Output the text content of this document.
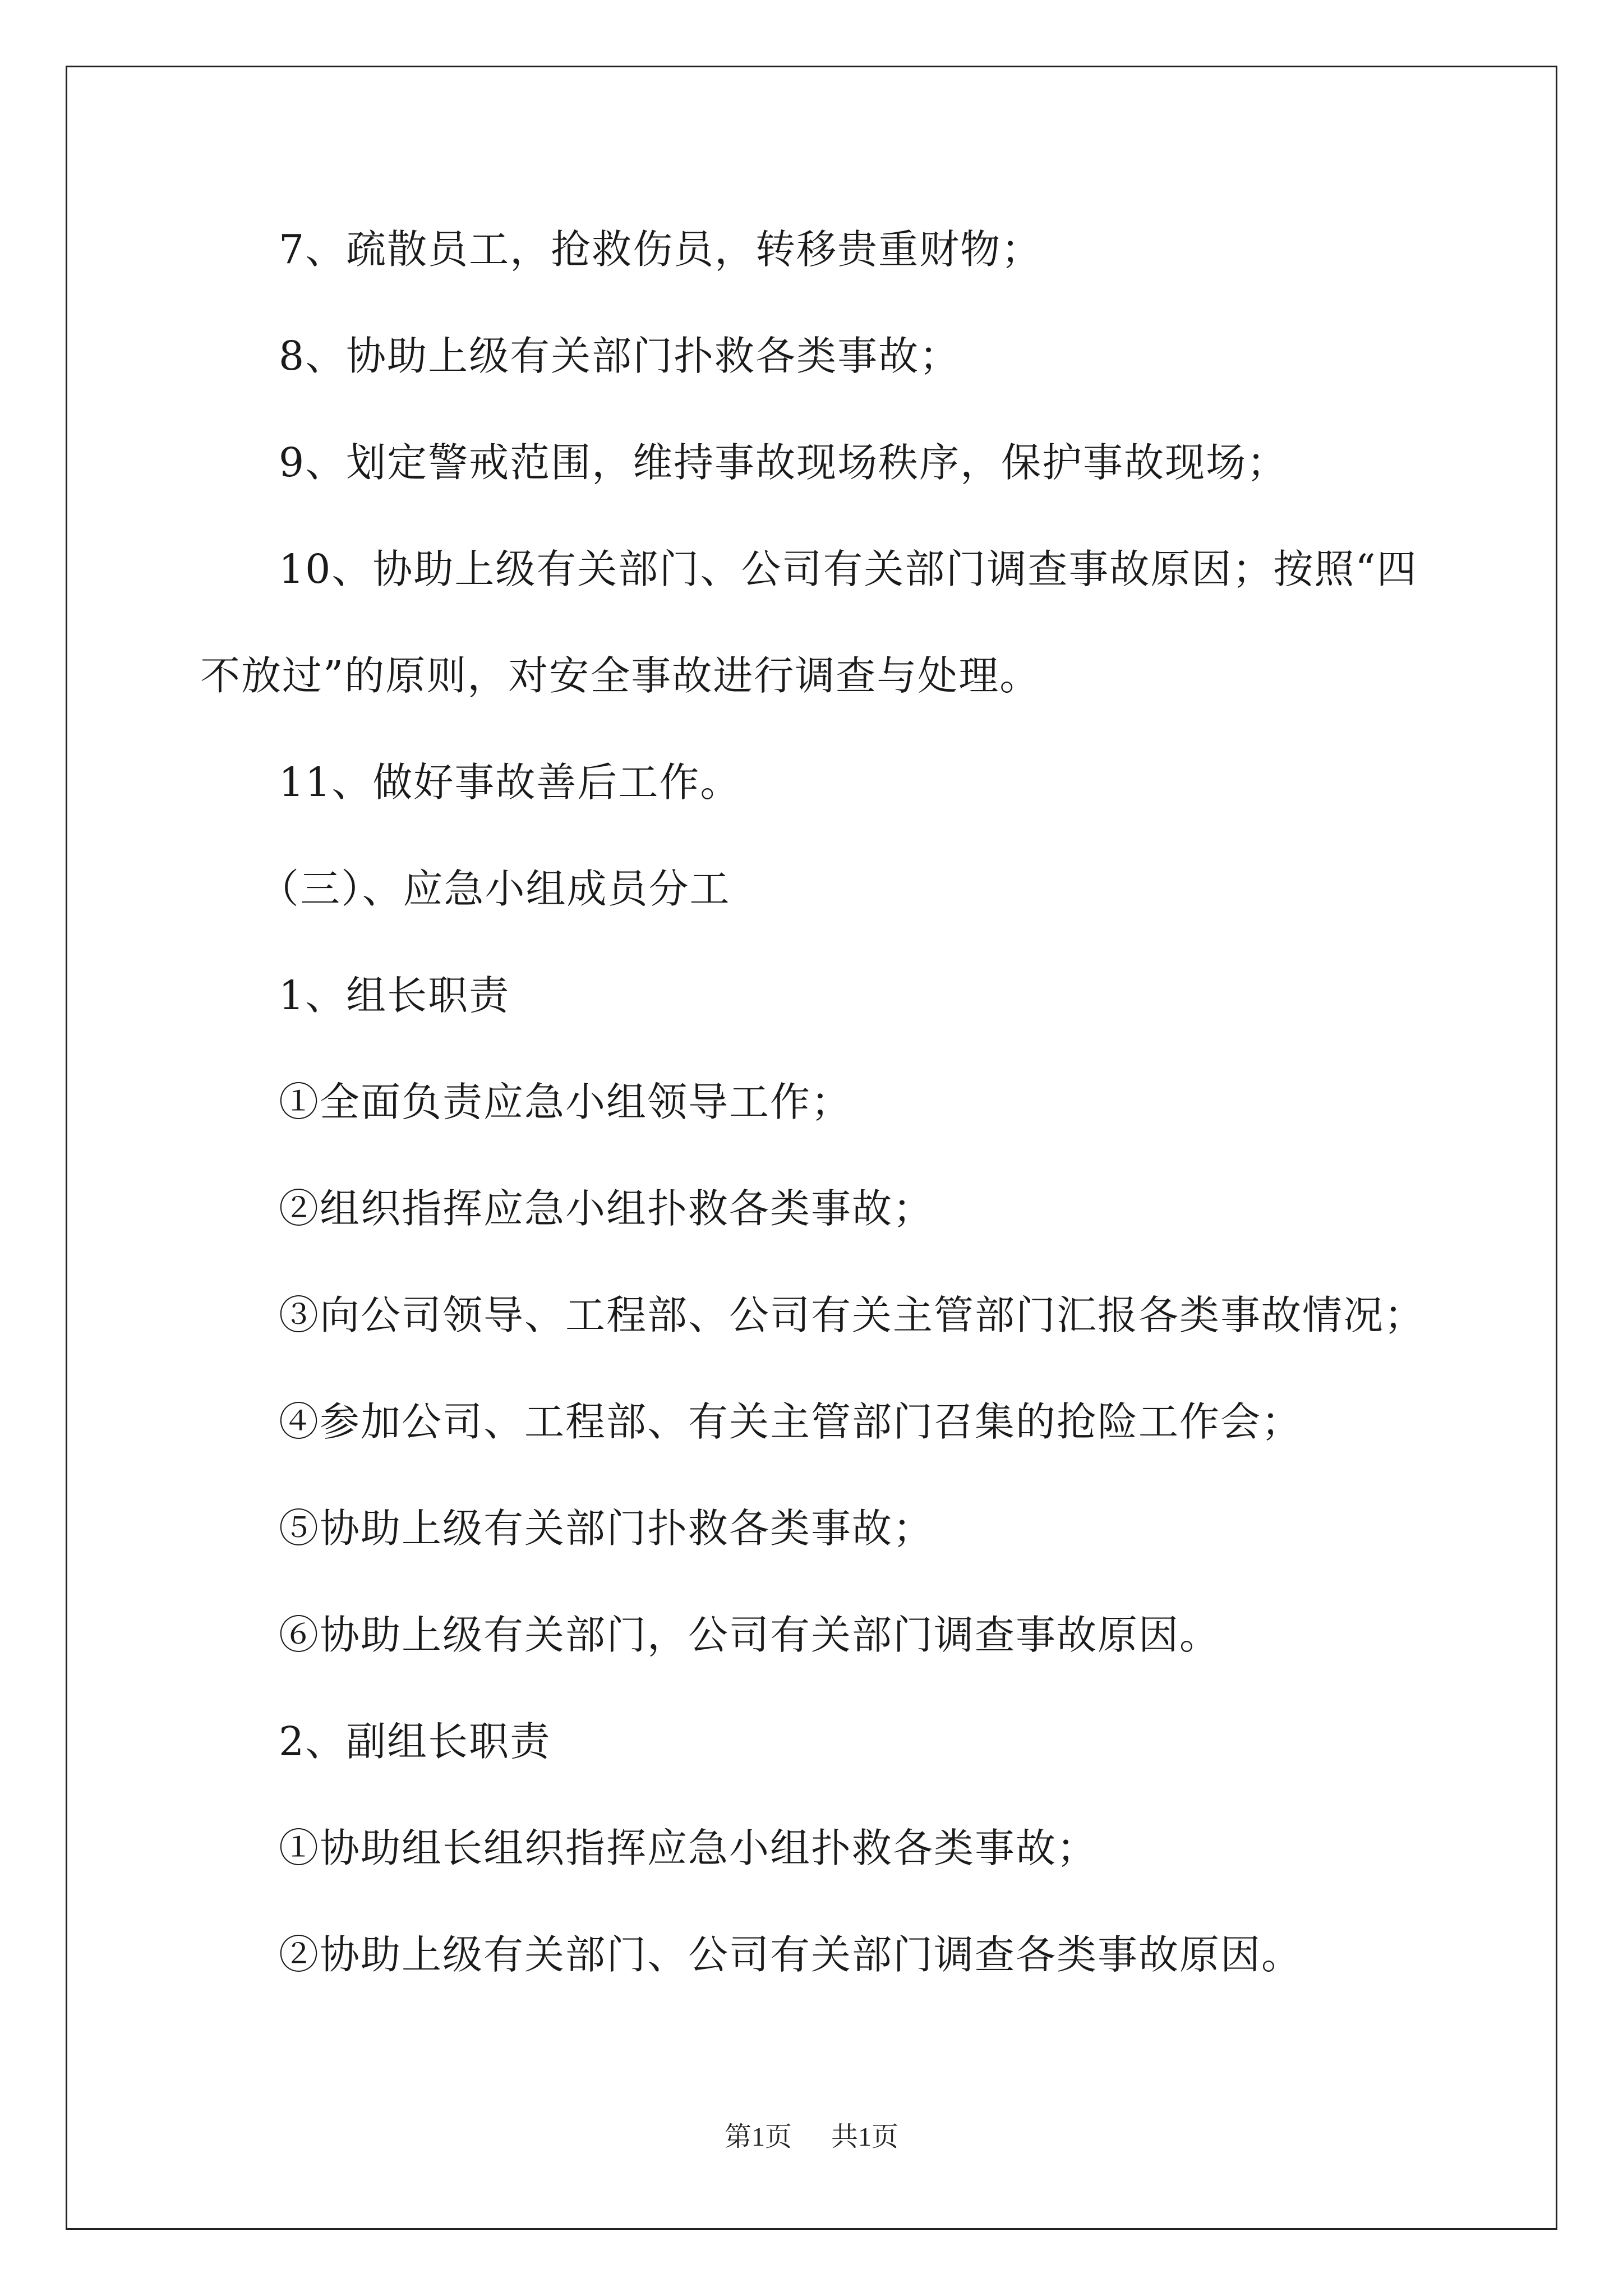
7、疏散员工，抢救伤员，转移贵重财物；
8、协助上级有关部门扑救各类事故；
9、划定警戒范围，维持事故现场秩序，保护事故现场；
10、协助上级有关部门、公司有关部门调查事故原因；按照“四
不放过”的原则，对安全事故进行调查与处理。
11、做好事故善后工作。
（三）、应急小组成员分工
1、组长职责
①全面负责应急小组领导工作；
②组织指挥应急小组扑救各类事故；
③向公司领导、工程部、公司有关主管部门汇报各类事故情况；
④参加公司、工程部、有关主管部门召集的抢险工作会；
⑤协助上级有关部门扑救各类事故；
⑥协助上级有关部门，公司有关部门调查事故原因。
2、副组长职责
①协助组长组织指挥应急小组扑救各类事故；
②协助上级有关部门、公司有关部门调查各类事故原因。
第1页 共1页
